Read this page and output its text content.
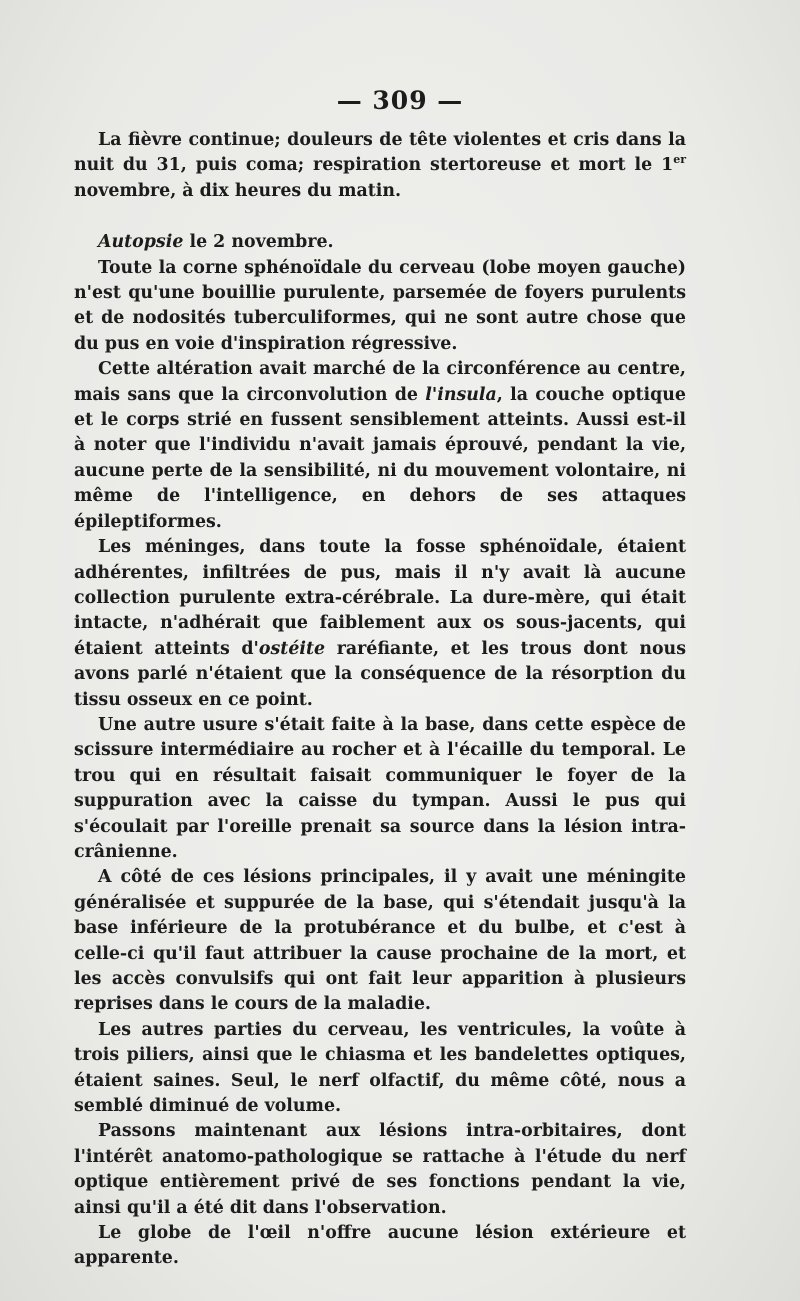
— 309 —

La fièvre continue; douleurs de tête violentes et cris dans la nuit du 31, puis coma; respiration stertoreuse et mort le 1er novembre, à dix heures du matin.

Autopsie le 2 novembre.

Toute la corne sphénoïdale du cerveau (lobe moyen gauche) n'est qu'une bouillie purulente, parsemée de foyers purulents et de nodosités tuberculiformes, qui ne sont autre chose que du pus en voie d'inspiration régressive.

Cette altération avait marché de la circonférence au centre, mais sans que la circonvolution de l'insula, la couche optique et le corps strié en fussent sensiblement atteints. Aussi est-il à noter que l'individu n'avait jamais éprouvé, pendant la vie, aucune perte de la sensibilité, ni du mouvement volontaire, ni même de l'intelligence, en dehors de ses attaques épileptiformes.

Les méninges, dans toute la fosse sphénoïdale, étaient adhérentes, infiltrées de pus, mais il n'y avait là aucune collection purulente extra-cérébrale. La dure-mère, qui était intacte, n'adhérait que faiblement aux os sous-jacents, qui étaient atteints d'ostéite raréfiante, et les trous dont nous avons parlé n'étaient que la conséquence de la résorption du tissu osseux en ce point.

Une autre usure s'était faite à la base, dans cette espèce de scissure intermédiaire au rocher et à l'écaille du temporal. Le trou qui en résultait faisait communiquer le foyer de la suppuration avec la caisse du tympan. Aussi le pus qui s'écoulait par l'oreille prenait sa source dans la lésion intra-crânienne.

A côté de ces lésions principales, il y avait une méningite généralisée et suppurée de la base, qui s'étendait jusqu'à la base inférieure de la protubérance et du bulbe, et c'est à celle-ci qu'il faut attribuer la cause prochaine de la mort, et les accès convulsifs qui ont fait leur apparition à plusieurs reprises dans le cours de la maladie.

Les autres parties du cerveau, les ventricules, la voûte à trois piliers, ainsi que le chiasma et les bandelettes optiques, étaient saines. Seul, le nerf olfactif, du même côté, nous a semblé diminué de volume.

Passons maintenant aux lésions intra-orbitaires, dont l'intérêt anatomo-pathologique se rattache à l'étude du nerf optique entièrement privé de ses fonctions pendant la vie, ainsi qu'il a été dit dans l'observation.

Le globe de l'œil n'offre aucune lésion extérieure et apparente.
